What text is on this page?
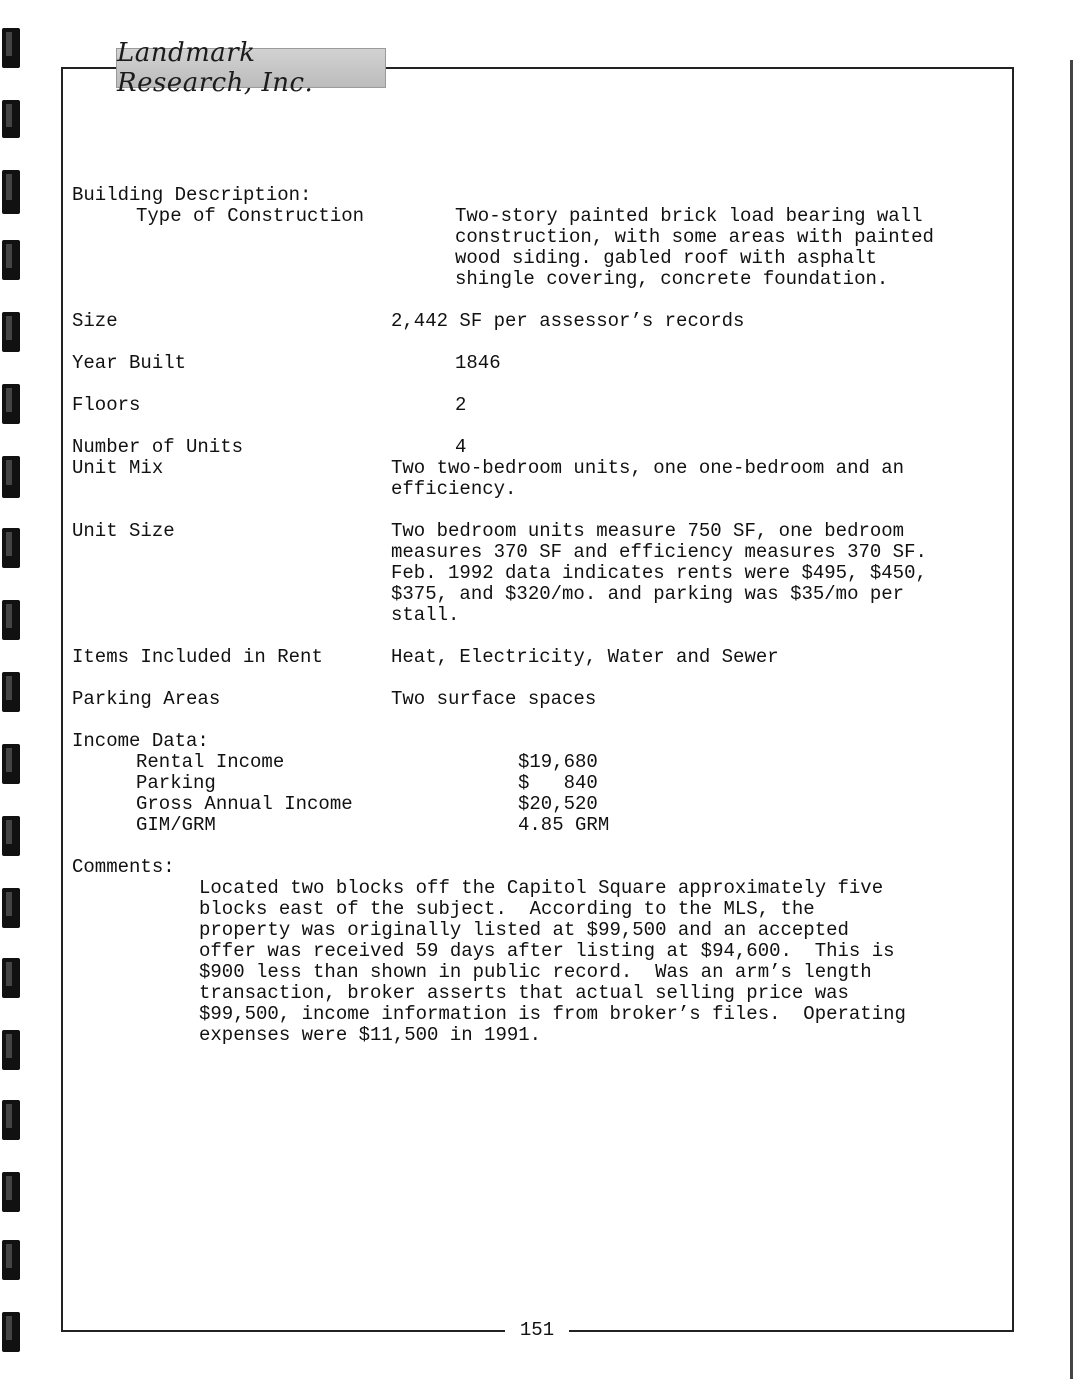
Landmark Research, Inc.

Building Description:

Type of Construction	Two-story painted brick load bearing wall

construction, with some areas with painted

wood siding. gabled roof with asphalt

shingle covering, concrete foundation.

Size	2,442 SF per assessor’s records

Year Built	1846

Floors	2

Number of Units	4

Unit Mix	Two two-bedroom units, one one-bedroom and an

efficiency.

Unit Size	Two bedroom units measure 750 SF, one bedroom

measures 370 SF and efficiency measures 370 SF.

Feb. 1992 data indicates rents were $495, $450,

$375, and $320/mo. and parking was $35/mo per

stall.

Items Included in Rent	Heat, Electricity, Water and Sewer

Parking Areas	Two surface spaces

Income Data:

Rental Income	$19,680

Parking	$   840

Gross Annual Income	$20,520

GIM/GRM	4.85 GRM

Comments:

Located two blocks off the Capitol Square approximately five

blocks east of the subject.  According to the MLS, the

property was originally listed at $99,500 and an accepted

offer was received 59 days after listing at $94,600.  This is

$900 less than shown in public record.  Was an arm’s length

transaction, broker asserts that actual selling price was

$99,500, income information is from broker’s files.  Operating

expenses were $11,500 in 1991.

151
